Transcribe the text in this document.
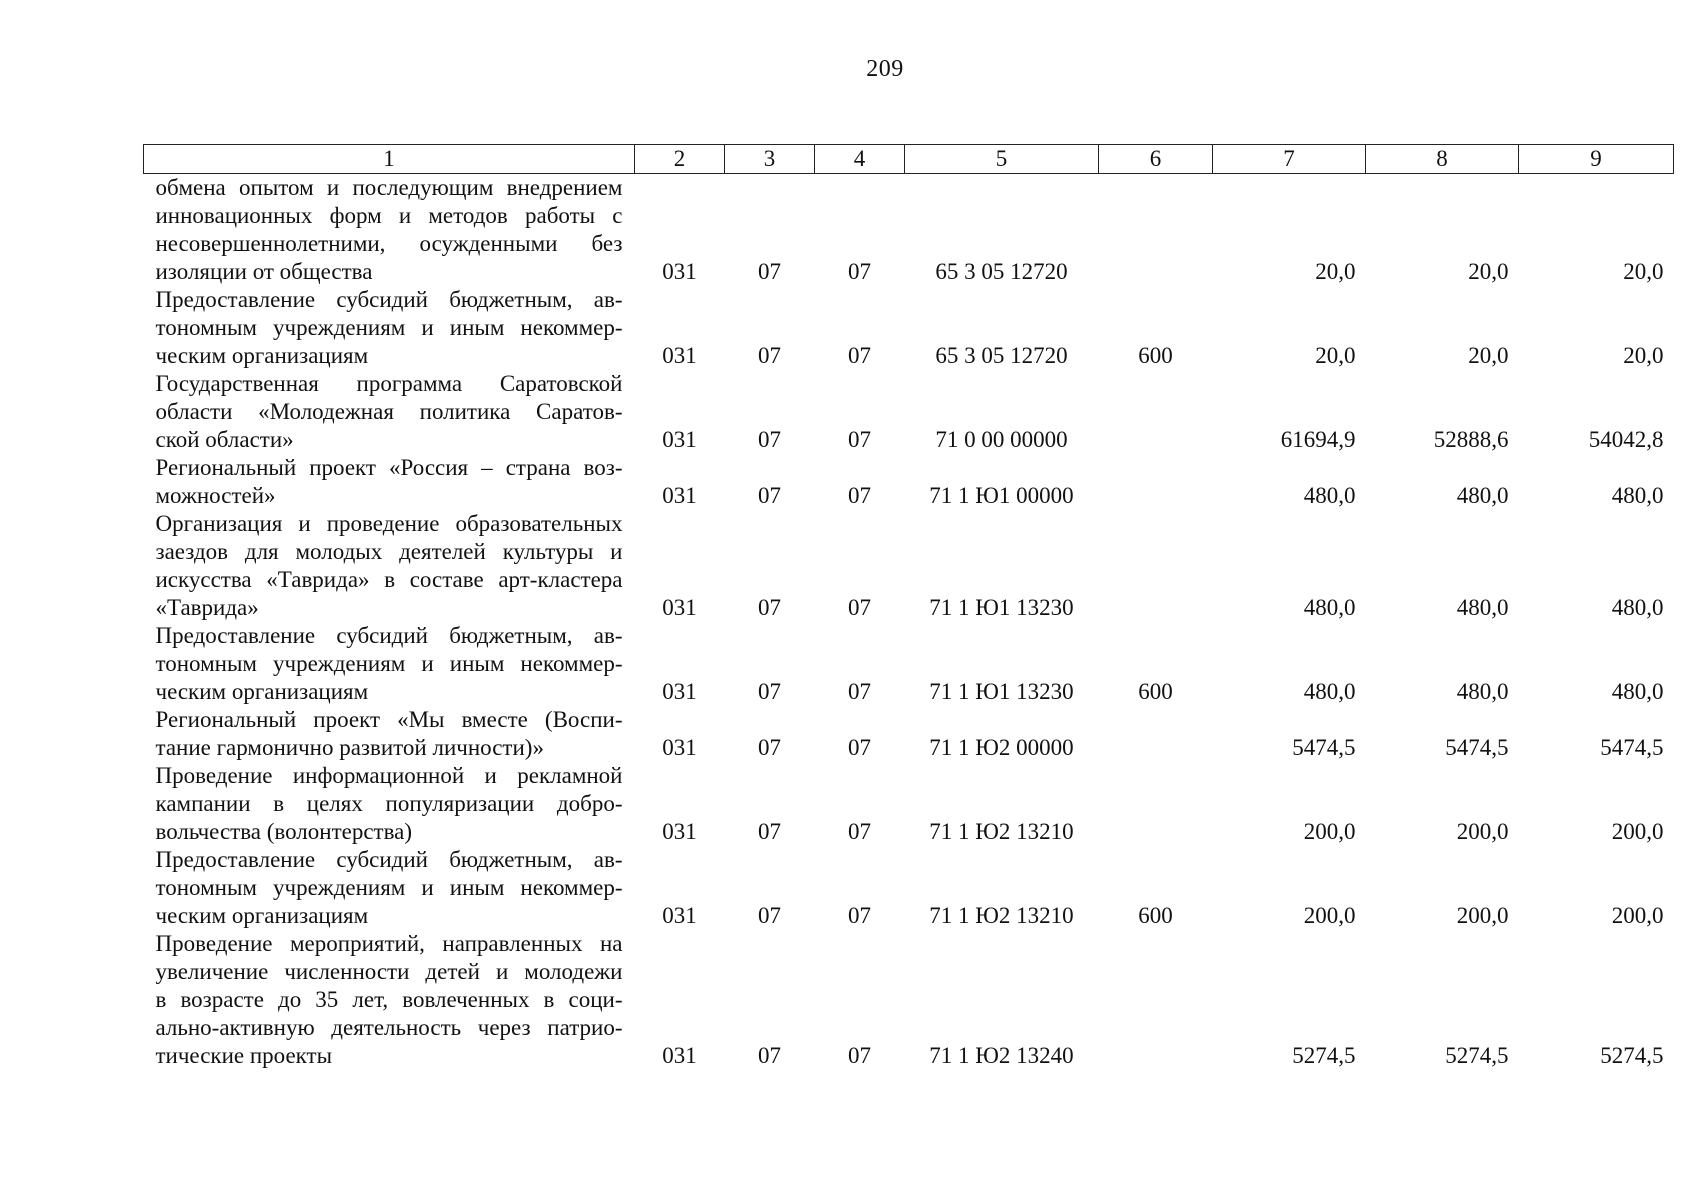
209
1	2	3	4	5	6	7	8	9

обмена опытом и последующим внедрением
инновационных форм и методов работы с
несовершеннолетними, осужденными без
изоляции от общества	031	07	07	65 3 05 12720		20,0	20,0	20,0

Предоставление субсидий бюджетным, ав-
тономным учреждениям и иным некоммер-
ческим организациям	031	07	07	65 3 05 12720	600	20,0	20,0	20,0

Государственная программа Саратовской
области «Молодежная политика Саратов-
ской области»	031	07	07	71 0 00 00000		61694,9	52888,6	54042,8

Региональный проект «Россия – страна воз-
можностей»	031	07	07	71 1 Ю1 00000		480,0	480,0	480,0

Организация и проведение образовательных
заездов для молодых деятелей культуры и
искусства «Таврида» в составе арт-кластера
«Таврида»	031	07	07	71 1 Ю1 13230		480,0	480,0	480,0

Предоставление субсидий бюджетным, ав-
тономным учреждениям и иным некоммер-
ческим организациям	031	07	07	71 1 Ю1 13230	600	480,0	480,0	480,0

Региональный проект «Мы вместе (Воспи-
тание гармонично развитой личности)»	031	07	07	71 1 Ю2 00000		5474,5	5474,5	5474,5

Проведение информационной и рекламной
кампании в целях популяризации добро-
вольчества (волонтерства)	031	07	07	71 1 Ю2 13210		200,0	200,0	200,0

Предоставление субсидий бюджетным, ав-
тономным учреждениям и иным некоммер-
ческим организациям	031	07	07	71 1 Ю2 13210	600	200,0	200,0	200,0

Проведение мероприятий, направленных на
увеличение численности детей и молодежи
в возрасте до 35 лет, вовлеченных в соци-
ально-активную деятельность через патрио-
тические проекты	031	07	07	71 1 Ю2 13240		5274,5	5274,5	5274,5
